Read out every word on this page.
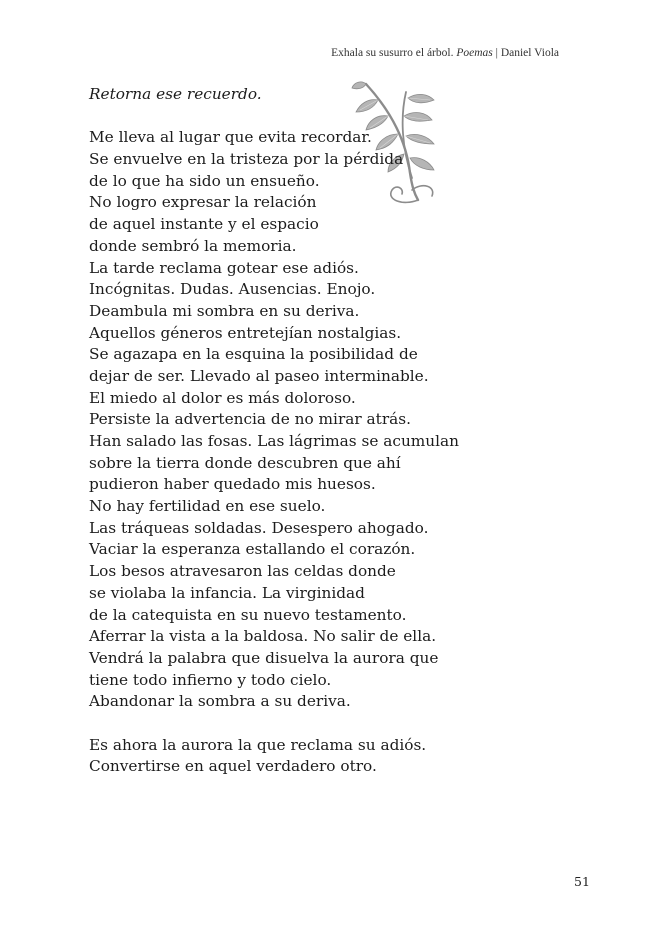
Exhala su susurro el árbol. Poemas | Daniel Viola
Retorna ese recuerdo.
Me lleva al lugar que evita recordar.
Se envuelve en la tristeza por la pérdida
de lo que ha sido un ensueño.
No logro expresar la relación
de aquel instante y el espacio
donde sembró la memoria.
La tarde reclama gotear ese adiós.
Incógnitas. Dudas. Ausencias. Enojo.
Deambula mi sombra en su deriva.
Aquellos géneros entretejían nostalgias.
Se agazapa en la esquina la posibilidad de
dejar de ser. Llevado al paseo interminable.
El miedo al dolor es más doloroso.
Persiste la advertencia de no mirar atrás.
Han salado las fosas. Las lágrimas se acumulan
sobre la tierra donde descubren que ahí
pudieron haber quedado mis huesos.
No hay fertilidad en ese suelo.
Las tráqueas soldadas. Desespero ahogado.
Vaciar la esperanza estallando el corazón.
Los besos atravesaron las celdas donde
se violaba la infancia. La virginidad
de la catequista en su nuevo testamento.
Aferrar la vista a la baldosa. No salir de ella.
Vendrá la palabra que disuelva la aurora que
tiene todo infierno y todo cielo.
Abandonar la sombra a su deriva.
Es ahora la aurora la que reclama su adiós.
Convertirse en aquel verdadero otro.
51
